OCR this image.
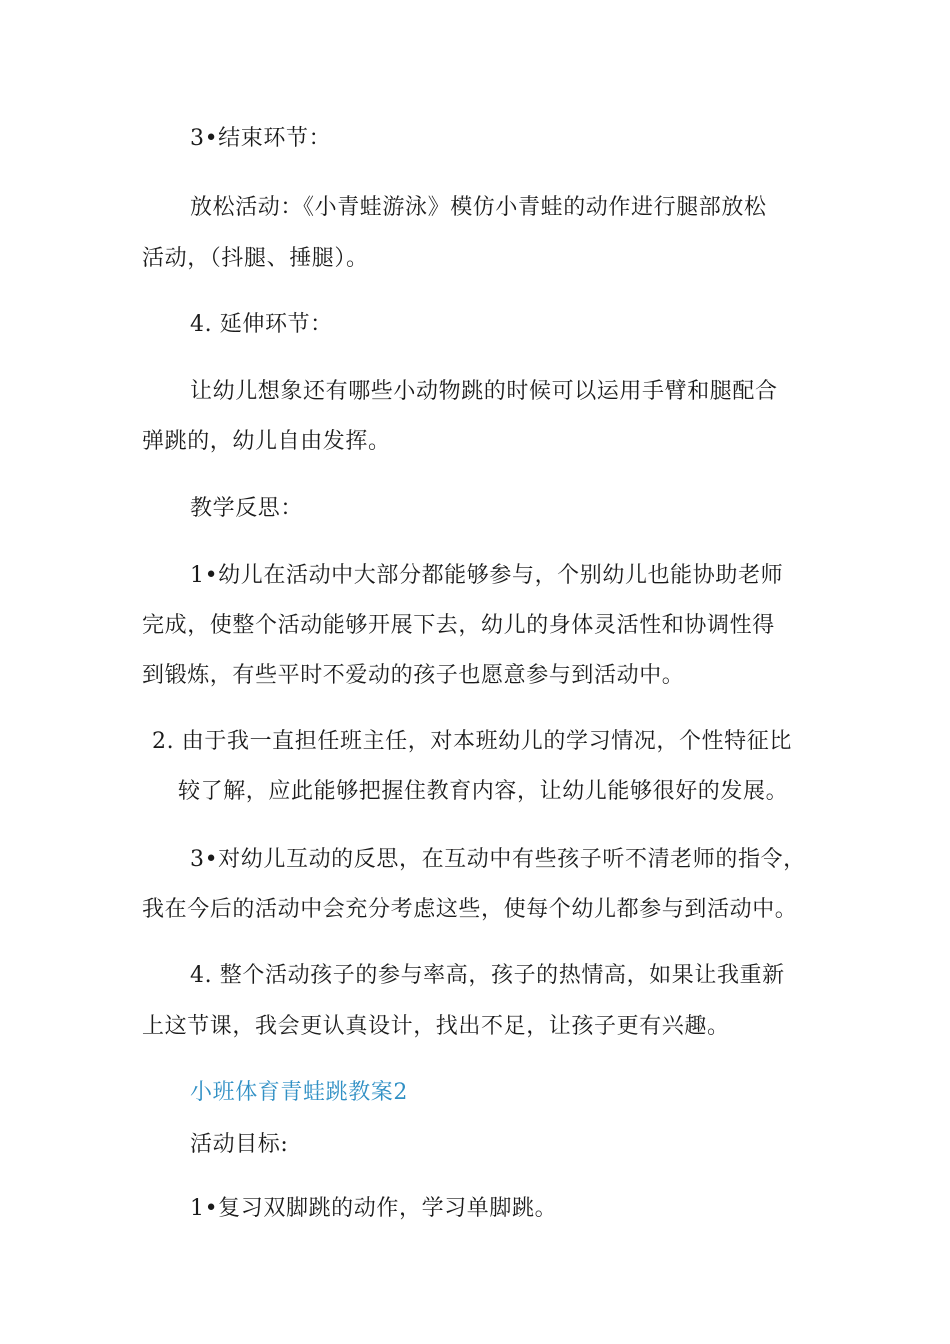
3•结束环节：
放松活动：《小青蛙游泳》模仿小青蛙的动作进行腿部放松
活动，（抖腿、捶腿）。
4. 延伸环节：
让幼儿想象还有哪些小动物跳的时候可以运用手臂和腿配合
弹跳的，幼儿自由发挥。
教学反思：
1•幼儿在活动中大部分都能够参与，个别幼儿也能协助老师
完成，使整个活动能够开展下去，幼儿的身体灵活性和协调性得
到锻炼，有些平时不爱动的孩子也愿意参与到活动中。
2. 由于我一直担任班主任，对本班幼儿的学习情况，个性特征比
较了解，应此能够把握住教育内容，让幼儿能够很好的发展。
3•对幼儿互动的反思，在互动中有些孩子听不清老师的指令，
我在今后的活动中会充分考虑这些，使每个幼儿都参与到活动中。
4. 整个活动孩子的参与率高，孩子的热情高，如果让我重新
上这节课，我会更认真设计，找出不足，让孩子更有兴趣。
小班体育青蛙跳教案2
活动目标:
1•复习双脚跳的动作，学习单脚跳。
